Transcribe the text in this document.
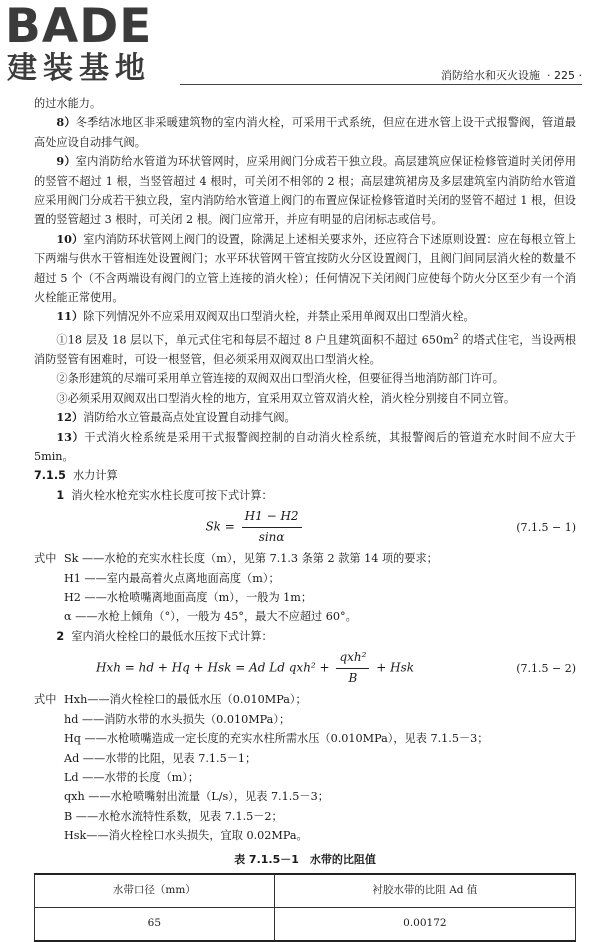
BADE
建装基地	消防给水和灭火设施 · 225 ·

的过水能力。

8）冬季结冰地区非采暖建筑物的室内消火栓，可采用干式系统，但应在进水管上设干式报警阀，管道最高处应设自动排气阀。

9）室内消防给水管道为环状管网时，应采用阀门分成若干独立段。高层建筑应保证检修管道时关闭停用的竖管不超过 1 根，当竖管超过 4 根时，可关闭不相邻的 2 根；高层建筑裙房及多层建筑室内消防给水管道应采用阀门分成若干独立段，室内消防给水管道上阀门的布置应保证检修管道时关闭的竖管不超过 1 根，但设置的竖管超过 3 根时，可关闭 2 根。阀门应常开，并应有明显的启闭标志或信号。

10）室内消防环状管网上阀门的设置，除满足上述相关要求外，还应符合下述原则设置：应在每根立管上下两端与供水干管相连处设置阀门；水平环状管网干管宜按防火分区设置阀门，且阀门间同层消火栓的数量不超过 5 个（不含两端设有阀门的立管上连接的消火栓）；任何情况下关闭阀门应使每个防火分区至少有一个消火栓能正常使用。

11）除下列情况外不应采用双阀双出口型消火栓，并禁止采用单阀双出口型消火栓。

①18 层及 18 层以下，单元式住宅和每层不超过 8 户且建筑面积不超过 $650m^2$ 的塔式住宅，当设两根消防竖管有困难时，可设一根竖管，但必须采用双阀双出口型消火栓。

②条形建筑的尽端可采用单立管连接的双阀双出口型消火栓，但要征得当地消防部门许可。

③必须采用双阀双出口型消火栓的地方，宜采用双立管双消火栓，消火栓分别接自不同立管。

12）消防给水立管最高点处宜设置自动排气阀。

13）干式消火栓系统是采用干式报警阀控制的自动消火栓系统，其报警阀后的管道充水时间不应大于 5min。

7.1.5 水力计算

1 消火栓水枪充实水柱长度可按下式计算：

$Sk = \frac{H1 - H2}{\sin\alpha}$	(7.1.5 − 1)
式中 Sk ——水枪的充实水柱长度（m），见第 7.1.3 条第 2 款第 14 项的要求；
H1 ——室内最高着火点离地面高度（m）；
H2 ——水枪喷嘴离地面高度（m），一般为 1m；
α ——水枪上倾角（°），一般为 45°，最大不应超过 60°。

2 室内消火栓栓口的最低水压按下式计算：

Hxh = hd + Hq + Hsk = Ad Ld $qxh^2 + \frac{\text{qxh²}}{B}$ + Hsk	(7.1.5 − 2)
式中 Hxh——消火栓栓口的最低水压（0.010MPa）；
hd ——消防水带的水头损失（0.010MPa）；
Hq ——水枪喷嘴造成一定长度的充实水柱所需水压（0.010MPa），见表 7.1.5－3；
Ad ——水带的比阻，见表 7.1.5－1；
Ld ——水带的长度（m）；
qxh ——水枪喷嘴射出流量（L/s），见表 7.1.5－3；
B ——水枪水流特性系数，见表 7.1.5－2；
Hsk——消火栓栓口水头损失，宜取 0.02MPa。
表 7.1.5－1　水带的比阻值
水带口径（mm）	衬胶水带的比阻 Ad 值
65	0.00172
